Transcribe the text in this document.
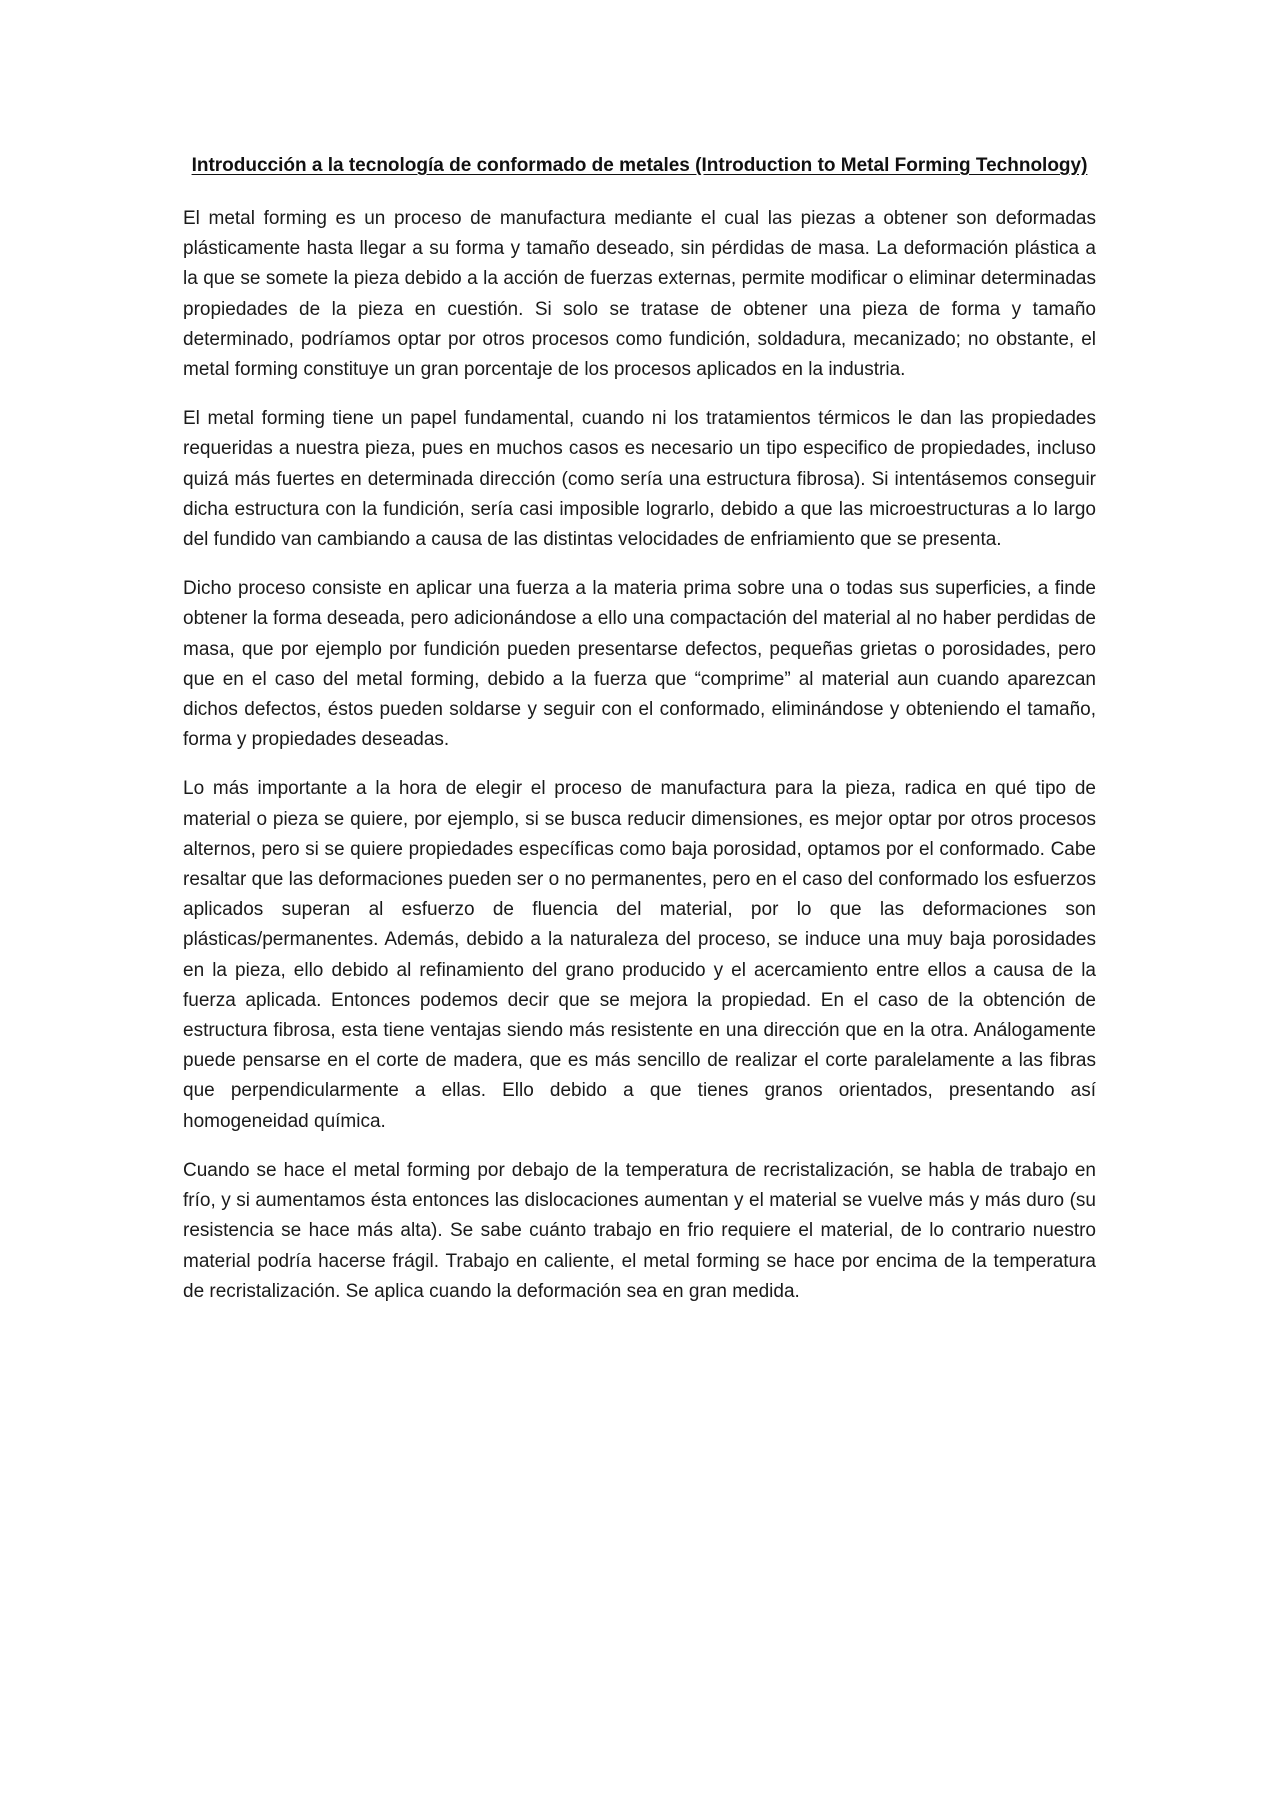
Introducción a la tecnología de conformado de metales (Introduction to Metal Forming Technology)

El metal forming es un proceso de manufactura mediante el cual las piezas a obtener son deformadas plásticamente hasta llegar a su forma y tamaño deseado, sin pérdidas de masa. La deformación plástica a la que se somete la pieza debido a la acción de fuerzas externas, permite modificar o eliminar determinadas propiedades de la pieza en cuestión. Si solo se tratase de obtener una pieza de forma y tamaño determinado, podríamos optar por otros procesos como fundición, soldadura, mecanizado; no obstante, el metal forming constituye un gran porcentaje de los procesos aplicados en la industria.

El metal forming tiene un papel fundamental, cuando ni los tratamientos térmicos le dan las propiedades requeridas a nuestra pieza, pues en muchos casos es necesario un tipo especifico de propiedades, incluso quizá más fuertes en determinada dirección (como sería una estructura fibrosa). Si intentásemos conseguir dicha estructura con la fundición, sería casi imposible lograrlo, debido a que las microestructuras a lo largo del fundido van cambiando a causa de las distintas velocidades de enfriamiento que se presenta.

Dicho proceso consiste en aplicar una fuerza a la materia prima sobre una o todas sus superficies, a finde obtener la forma deseada, pero adicionándose a ello una compactación del material al no haber perdidas de masa, que por ejemplo por fundición pueden presentarse defectos, pequeñas grietas o porosidades, pero que en el caso del metal forming, debido a la fuerza que “comprime” al material aun cuando aparezcan dichos defectos, éstos pueden soldarse y seguir con el conformado, eliminándose y obteniendo el tamaño, forma y propiedades deseadas.

Lo más importante a la hora de elegir el proceso de manufactura para la pieza, radica en qué tipo de material o pieza se quiere, por ejemplo, si se busca reducir dimensiones, es mejor optar por otros procesos alternos, pero si se quiere propiedades específicas como baja porosidad, optamos por el conformado. Cabe resaltar que las deformaciones pueden ser o no permanentes, pero en el caso del conformado los esfuerzos aplicados superan al esfuerzo de fluencia del material, por lo que las deformaciones son plásticas/permanentes. Además, debido a la naturaleza del proceso, se induce una muy baja porosidades en la pieza, ello debido al refinamiento del grano producido y el acercamiento entre ellos a causa de la fuerza aplicada. Entonces podemos decir que se mejora la propiedad. En el caso de la obtención de estructura fibrosa, esta tiene ventajas siendo más resistente en una dirección que en la otra. Análogamente puede pensarse en el corte de madera, que es más sencillo de realizar el corte paralelamente a las fibras que perpendicularmente a ellas. Ello debido a que tienes granos orientados, presentando así homogeneidad química.

Cuando se hace el metal forming por debajo de la temperatura de recristalización, se habla de trabajo en frío, y si aumentamos ésta entonces las dislocaciones aumentan y el material se vuelve más y más duro (su resistencia se hace más alta). Se sabe cuánto trabajo en frio requiere el material, de lo contrario nuestro material podría hacerse frágil. Trabajo en caliente, el metal forming se hace por encima de la temperatura de recristalización. Se aplica cuando la deformación sea en gran medida.
